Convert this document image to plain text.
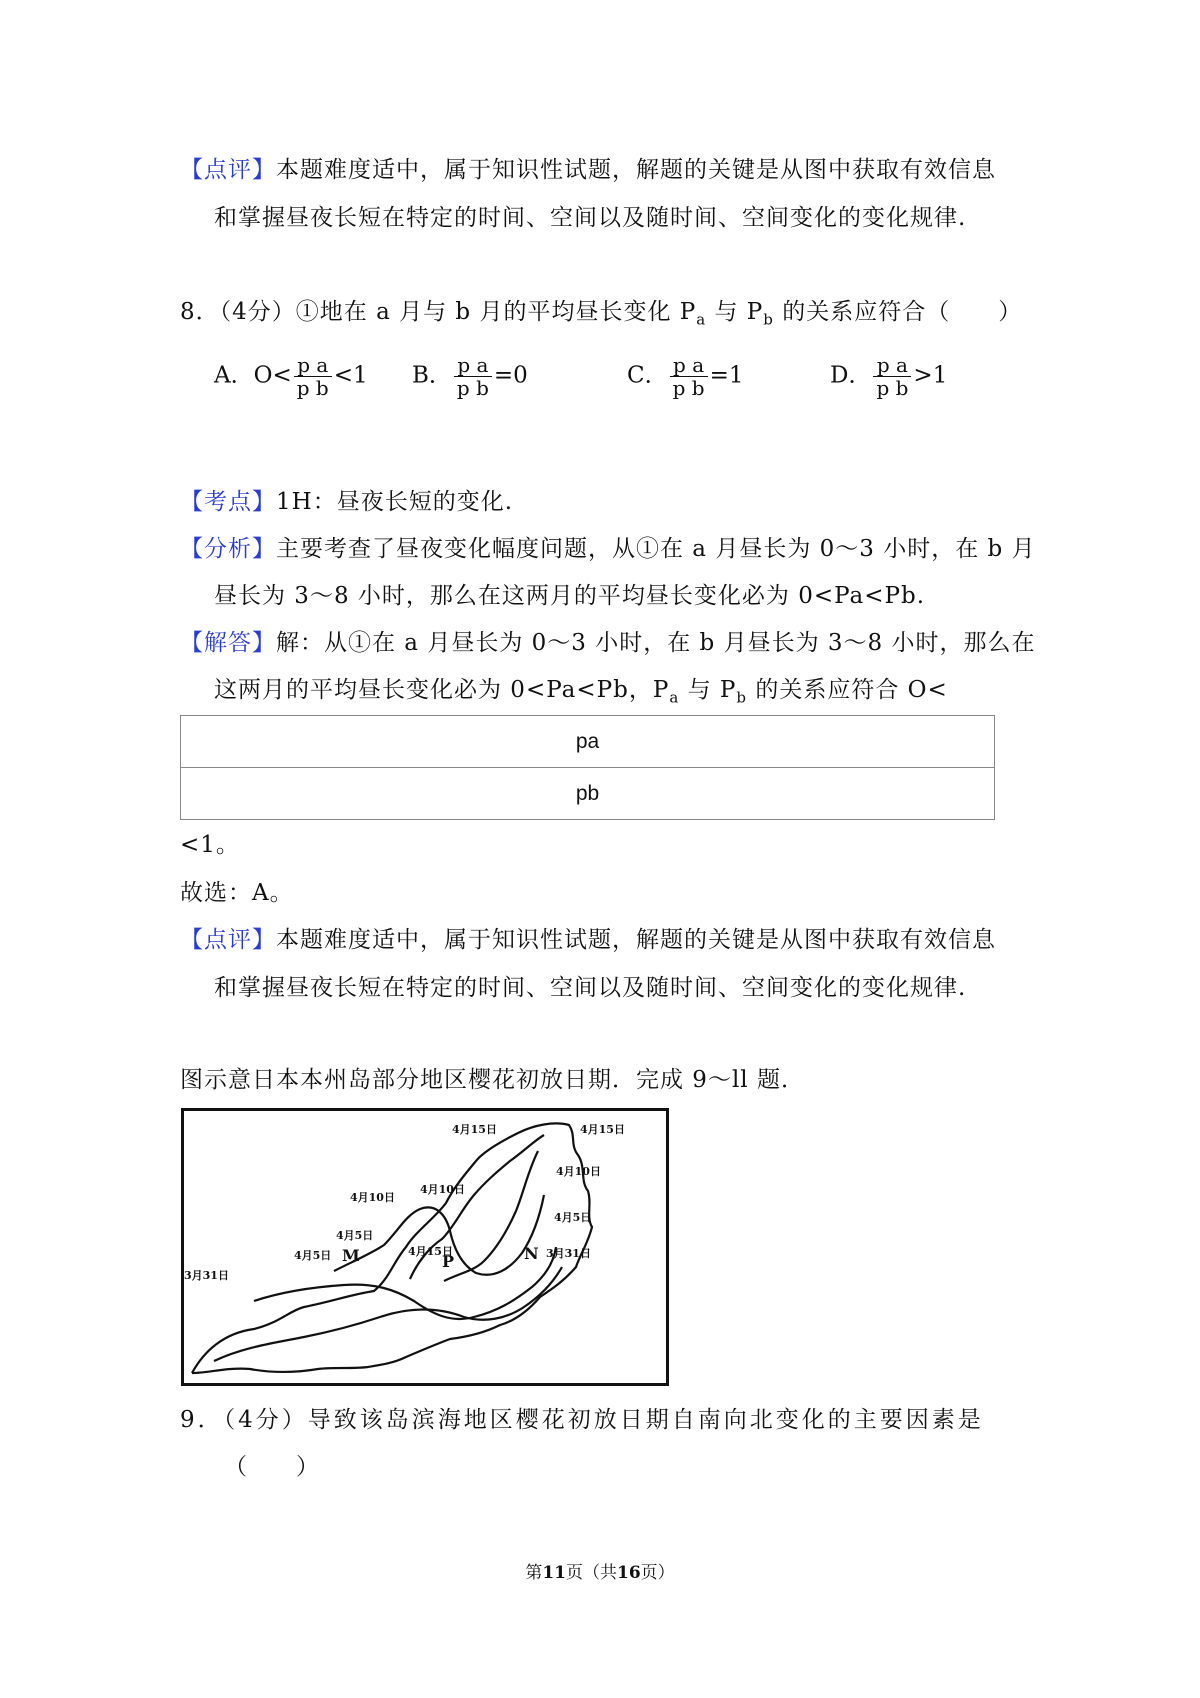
【点评】本题难度适中，属于知识性试题，解题的关键是从图中获取有效信息
和掌握昼夜长短在特定的时间、空间以及随时间、空间变化的变化规律.
8．（4分）①地在 a 月与 b 月的平均昼长变化 $P_a$ 与 $P_b$ 的关系应符合（　　）
A．$O< \frac{\text{p a}}{\text{p b}} <1$ B． $\frac{\text{p a}}{\text{p b}} =0$	C． $\frac{\text{p a}}{\text{p b}} =1$	D． $\frac{\text{p a}}{\text{p b}} >1$
【考点】1H：昼夜长短的变化.
【分析】主要考查了昼夜变化幅度问题，从①在 a 月昼长为 0～3 小时，在 b 月
昼长为 3～8 小时，那么在这两月的平均昼长变化必为 0<Pa<Pb.
【解答】解：从①在 a 月昼长为 0～3 小时，在 b 月昼长为 3～8 小时，那么在
这两月的平均昼长变化必为 0<Pa<Pb，$P_a$ 与 $P_b$ 的关系应符合 O<
$\frac{pa}{pb}$
<1。
故选：A。
【点评】本题难度适中，属于知识性试题，解题的关键是从图中获取有效信息
和掌握昼夜长短在特定的时间、空间以及随时间、空间变化的变化规律.
图示意日本本州岛部分地区樱花初放日期．完成 9～ll 题．
4月15日	4月15日
4月10日
4月10日
4月10日
4月5日
4月5日
4月5日	4月15日	3月31日
3月31日
M	N
P
9．（4分）导致该岛滨海地区樱花初放日期自南向北变化的主要因素是
（　　）
第11页（共16页）
